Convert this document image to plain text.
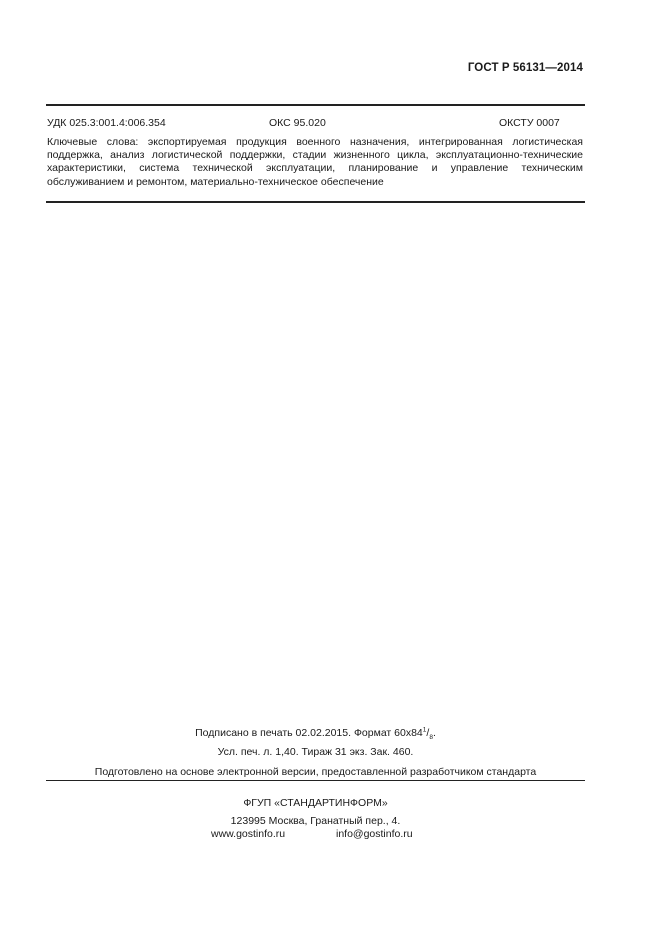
ГОСТ Р 56131—2014
УДК 025.3:001.4:006.354	ОКС 95.020	ОКСТУ 0007

Ключевые слова: экспортируемая продукция военного назначения, интегрированная логистическая поддержка, анализ логистической поддержки, стадии жизненного цикла, эксплуатационно-технические характеристики, система технической эксплуатации, планирование и управление техническим обслуживанием и ремонтом, материально-техническое обеспечение

Подписано в печать 02.02.2015. Формат $60x84^1/_8$.
Усл. печ. л. 1,40. Тираж 31 экз. Зак. 460.
Подготовлено на основе электронной версии, предоставленной разработчиком стандарта
ФГУП «СТАНДАРТИНФОРМ»
123995 Москва, Гранатный пер., 4.
www.gostinfo.ru	info@gostinfo.ru
